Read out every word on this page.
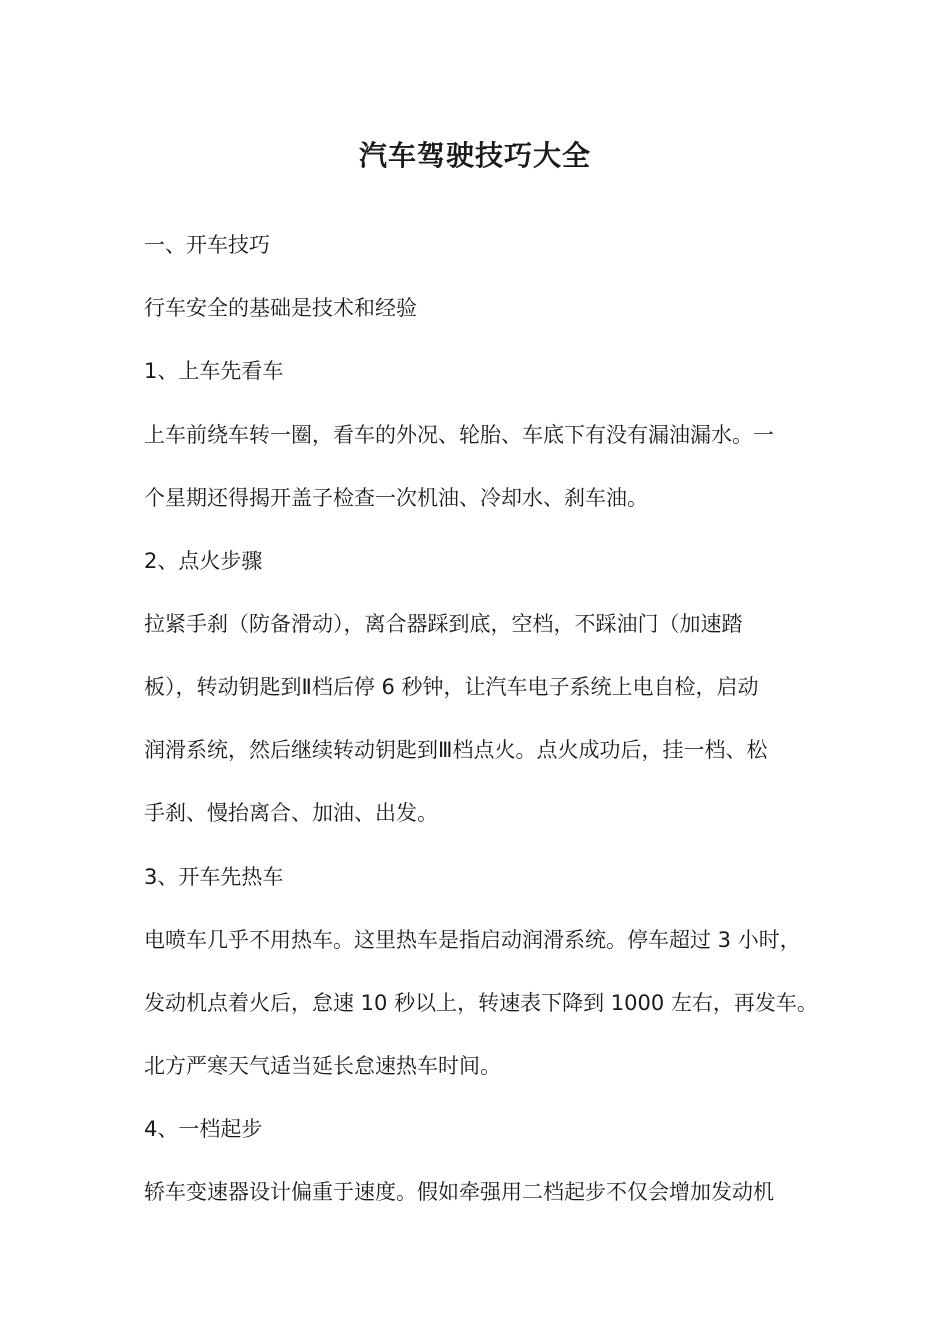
汽车驾驶技巧大全

一、开车技巧

行车安全的基础是技术和经验

1、上车先看车

上车前绕车转一圈，看车的外况、轮胎、车底下有没有漏油漏水。一

个星期还得揭开盖子检查一次机油、冷却水、刹车油。

2、点火步骤

拉紧手刹（防备滑动），离合器踩到底，空档，不踩油门（加速踏

板），转动钥匙到Ⅱ档后停 6 秒钟，让汽车电子系统上电自检，启动

润滑系统，然后继续转动钥匙到Ⅲ档点火。点火成功后，挂一档、松

手刹、慢抬离合、加油、出发。

3、开车先热车

电喷车几乎不用热车。这里热车是指启动润滑系统。停车超过 3 小时，

发动机点着火后，怠速 10 秒以上，转速表下降到 1000 左右，再发车。

北方严寒天气适当延长怠速热车时间。

4、一档起步

轿车变速器设计偏重于速度。假如牵强用二档起步不仅会增加发动机
